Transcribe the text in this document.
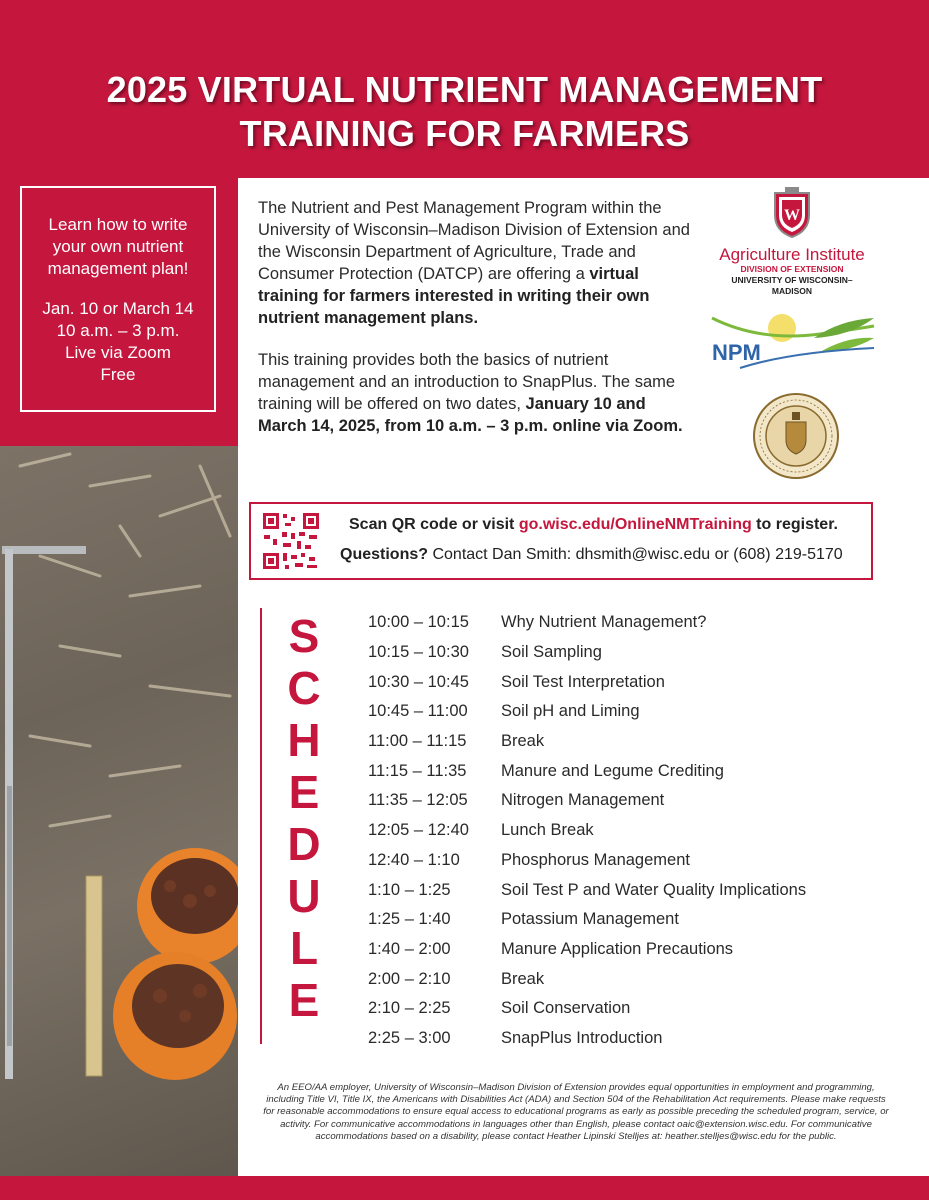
2025 VIRTUAL NUTRIENT MANAGEMENT
TRAINING FOR FARMERS
Learn how to write
your own nutrient
management plan!
Jan. 10 or March 14
10 a.m. – 3 p.m.
Live via Zoom
Free

The Nutrient and Pest Management Program within the University of Wisconsin–Madison Division of Extension and the Wisconsin Department of Agriculture, Trade and Consumer Protection (DATCP) are offering a virtual training for farmers interested in writing their own nutrient management plans.

This training provides both the basics of nutrient management and an introduction to SnapPlus. The same training will be offered on two dates, January 10 and March 14, 2025, from 10 a.m. – 3 p.m. online via Zoom.

W
Agriculture Institute
DIVISION OF EXTENSION
UNIVERSITY OF WISCONSIN–MADISON
NPM
Scan QR code or visit go.wisc.edu/OnlineNMTraining to register.
Questions? Contact Dan Smith: dhsmith@wisc.edu or (608) 219-5170
S
C
H
E
D
U
L
E
10:00 – 10:15	Why Nutrient Management?
10:15 – 10:30	Soil Sampling
10:30 – 10:45	Soil Test Interpretation
10:45 – 11:00	Soil pH and Liming
11:00 – 11:15	Break
11:15 – 11:35	Manure and Legume Crediting
11:35 – 12:05	Nitrogen Management
12:05 – 12:40	Lunch Break
12:40 – 1:10	Phosphorus Management
1:10 – 1:25	Soil Test P and Water Quality Implications
1:25 – 1:40	Potassium Management
1:40 – 2:00	Manure Application Precautions
2:00 – 2:10	Break
2:10 – 2:25	Soil Conservation
2:25 – 3:00	SnapPlus Introduction
An EEO/AA employer, University of Wisconsin–Madison Division of Extension provides equal opportunities in employment and programming, including Title VI, Title IX, the Americans with Disabilities Act (ADA) and Section 504 of the Rehabilitation Act requirements. Please make requests for reasonable accommodations to ensure equal access to educational programs as early as possible preceding the scheduled program, service, or activity. For communicative accommodations in languages other than English, please contact oaic@extension.wisc.edu. For communicative accommodations based on a disability, please contact Heather Lipinski Stelljes at: heather.stelljes@wisc.edu for the public.
